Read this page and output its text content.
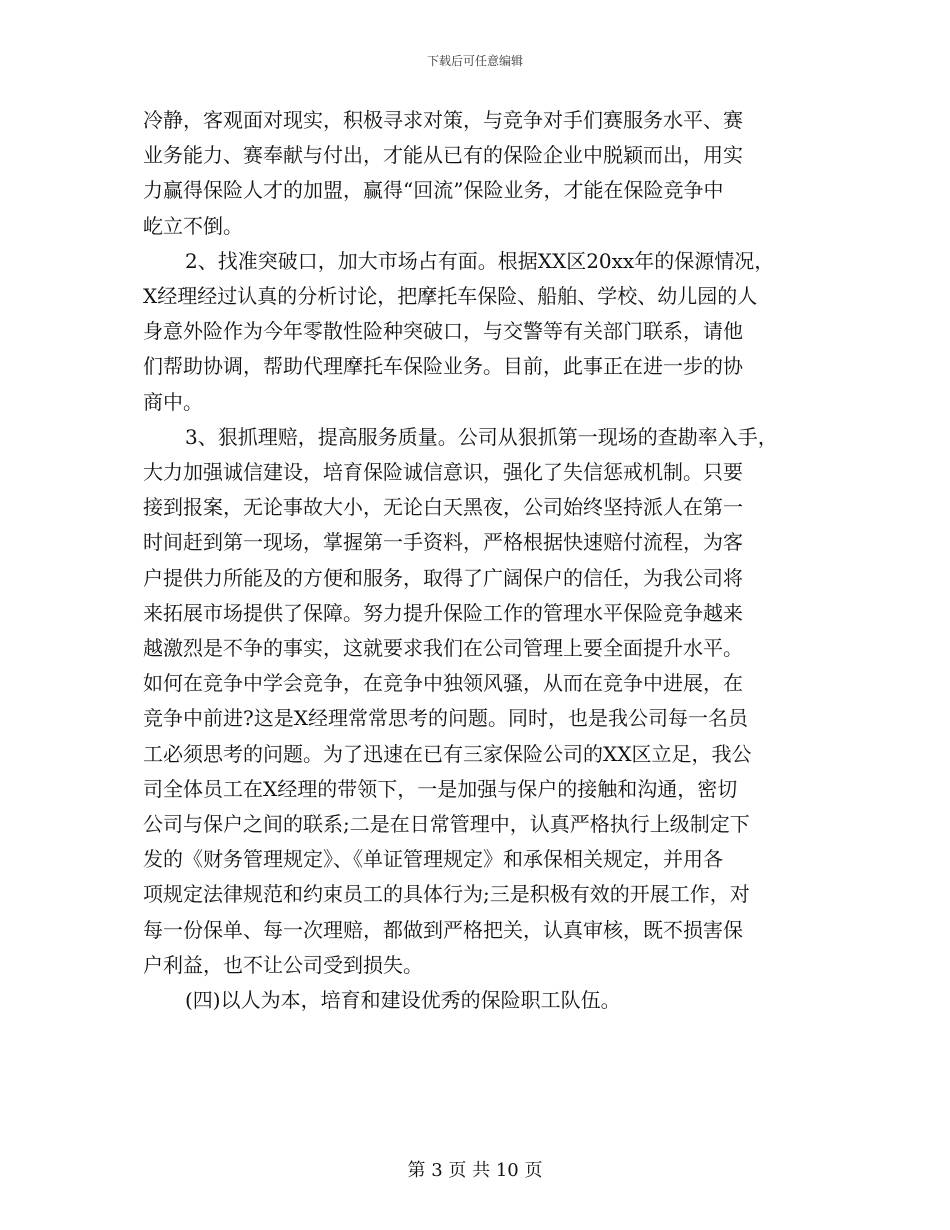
下载后可任意编辑
冷静，客观面对现实，积极寻求对策，与竞争对手们赛服务水平、赛
业务能力、赛奉献与付出，才能从已有的保险企业中脱颖而出，用实
力赢得保险人才的加盟，赢得“回流”保险业务，才能在保险竞争中
屹立不倒。
2、找准突破口，加大市场占有面。根据XX区20xx年的保源情况，
X经理经过认真的分析讨论，把摩托车保险、船舶、学校、幼儿园的人
身意外险作为今年零散性险种突破口，与交警等有关部门联系，请他
们帮助协调，帮助代理摩托车保险业务。目前，此事正在进一步的协
商中。
3、狠抓理赔，提高服务质量。公司从狠抓第一现场的查勘率入手，
大力加强诚信建设，培育保险诚信意识，强化了失信惩戒机制。只要
接到报案，无论事故大小，无论白天黑夜，公司始终坚持派人在第一
时间赶到第一现场，掌握第一手资料，严格根据快速赔付流程，为客
户提供力所能及的方便和服务，取得了广阔保户的信任，为我公司将
来拓展市场提供了保障。努力提升保险工作的管理水平保险竞争越来
越激烈是不争的事实，这就要求我们在公司管理上要全面提升水平。
如何在竞争中学会竞争，在竞争中独领风骚，从而在竞争中进展，在
竞争中前进?这是X经理常常思考的问题。同时，也是我公司每一名员
工必须思考的问题。为了迅速在已有三家保险公司的XX区立足，我公
司全体员工在X经理的带领下，一是加强与保户的接触和沟通，密切
公司与保户之间的联系;二是在日常管理中，认真严格执行上级制定下
发的《财务管理规定》、《单证管理规定》和承保相关规定，并用各
项规定法律规范和约束员工的具体行为;三是积极有效的开展工作，对
每一份保单、每一次理赔，都做到严格把关，认真审核，既不损害保
户利益，也不让公司受到损失。
(四)以人为本，培育和建设优秀的保险职工队伍。
第 3 页 共 10 页
